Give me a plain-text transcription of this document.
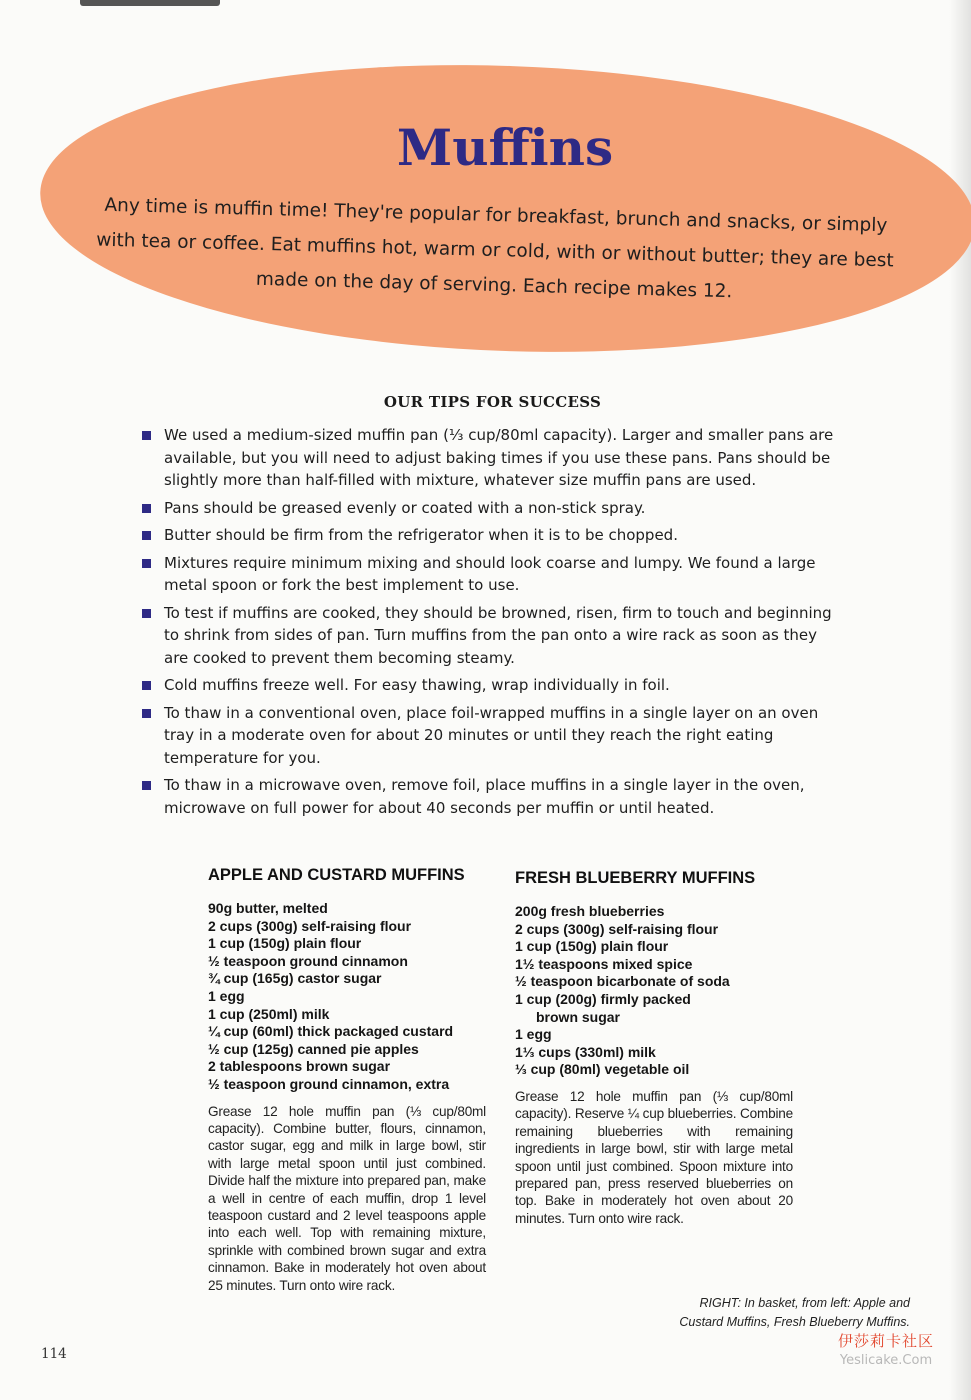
Muffins

Any time is muffin time! They're popular for breakfast, brunch and snacks, or simply with tea or coffee. Eat muffins hot, warm or cold, with or without butter; they are best made on the day of serving. Each recipe makes 12.

OUR TIPS FOR SUCCESS
We used a medium-sized muffin pan (⅓ cup/80ml capacity). Larger and smaller pans are available, but you will need to adjust baking times if you use these pans. Pans should be slightly more than half-filled with mixture, whatever size muffin pans are used.
Pans should be greased evenly or coated with a non-stick spray.
Butter should be firm from the refrigerator when it is to be chopped.
Mixtures require minimum mixing and should look coarse and lumpy. We found a large metal spoon or fork the best implement to use.
To test if muffins are cooked, they should be browned, risen, firm to touch and beginning to shrink from sides of pan. Turn muffins from the pan onto a wire rack as soon as they are cooked to prevent them becoming steamy.
Cold muffins freeze well. For easy thawing, wrap individually in foil.
To thaw in a conventional oven, place foil-wrapped muffins in a single layer on an oven tray in a moderate oven for about 20 minutes or until they reach the right eating temperature for you.
To thaw in a microwave oven, remove foil, place muffins in a single layer in the oven, microwave on full power for about 40 seconds per muffin or until heated.
APPLE AND CUSTARD MUFFINS
90g butter, melted
2 cups (300g) self-raising flour
1 cup (150g) plain flour
½ teaspoon ground cinnamon
¾ cup (165g) castor sugar
1 egg
1 cup (250ml) milk
¼ cup (60ml) thick packaged custard
½ cup (125g) canned pie apples
2 tablespoons brown sugar
½ teaspoon ground cinnamon, extra

Grease 12 hole muffin pan (⅓ cup/80ml capacity). Combine butter, flours, cinnamon, castor sugar, egg and milk in large bowl, stir with large metal spoon until just combined. Divide half the mixture into prepared pan, make a well in centre of each muffin, drop 1 level teaspoon custard and 2 level teaspoons apple into each well. Top with remaining mixture, sprinkle with combined brown sugar and extra cinnamon. Bake in moderately hot oven about 25 minutes. Turn onto wire rack.

FRESH BLUEBERRY MUFFINS
200g fresh blueberries
2 cups (300g) self-raising flour
1 cup (150g) plain flour
1½ teaspoons mixed spice
½ teaspoon bicarbonate of soda
1 cup (200g) firmly packed
brown sugar
1 egg
1⅓ cups (330ml) milk
⅓ cup (80ml) vegetable oil

Grease 12 hole muffin pan (⅓ cup/80ml capacity). Reserve ¼ cup blueberries. Combine remaining blueberries with remaining ingredients in large bowl, stir with large metal spoon until just combined. Spoon mixture into prepared pan, press reserved blueberries on top. Bake in moderately hot oven about 20 minutes. Turn onto wire rack.

RIGHT: In basket, from left: Apple and
Custard Muffins, Fresh Blueberry Muffins.
114
伊莎莉卡社区
Yeslicake.Com
